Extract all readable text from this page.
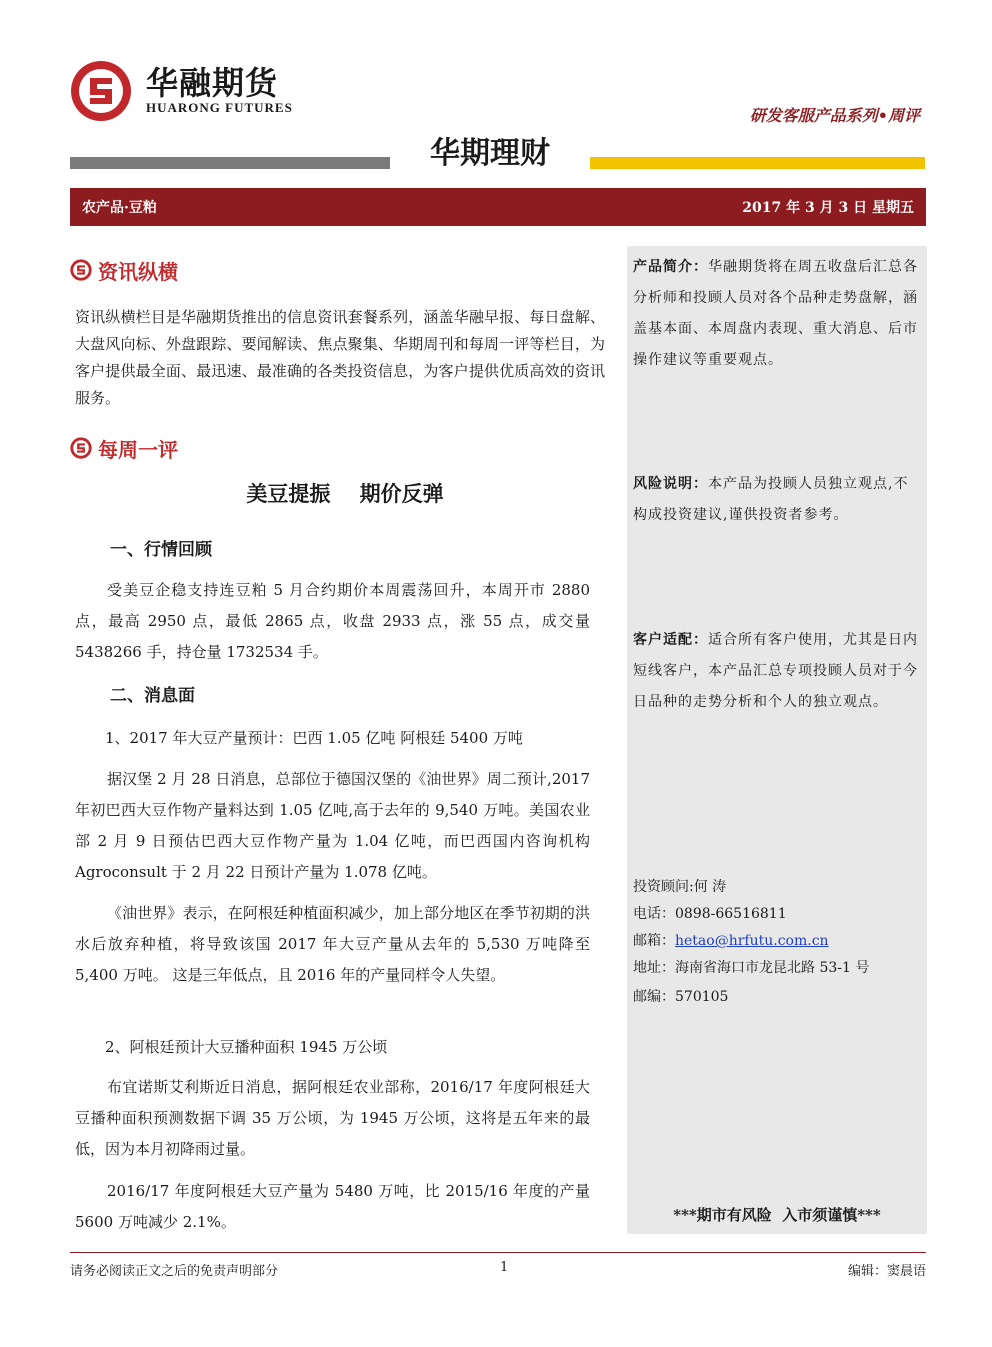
华融期货
HUARONG FUTURES	研发客服产品系列•周评
华期理财
农产品·豆粕	2017 年 3 月 3 日 星期五
资讯纵横
资讯纵横栏目是华融期货推出的信息资讯套餐系列，涵盖华融早报、每日盘解、大盘风向标、外盘跟踪、要闻解读、焦点聚集、华期周刊和每周一评等栏目，为客户提供最全面、最迅速、最准确的各类投资信息，为客户提供优质高效的资讯服务。
每周一评
美豆提振    期价反弹
一、行情回顾
受美豆企稳支持连豆粕 5 月合约期价本周震荡回升，本周开市 2880 点，最高 2950 点，最低 2865 点，收盘 2933 点，涨 55 点，成交量 5438266 手，持仓量 1732534 手。
二、消息面
1、2017 年大豆产量预计：巴西 1.05 亿吨 阿根廷 5400 万吨
据汉堡 2 月 28 日消息，总部位于德国汉堡的《油世界》周二预计,2017 年初巴西大豆作物产量料达到 1.05 亿吨,高于去年的 9,540 万吨。美国农业部 2 月 9 日预估巴西大豆作物产量为 1.04 亿吨，而巴西国内咨询机构 Agroconsult 于 2 月 22 日预计产量为 1.078 亿吨。
《油世界》表示，在阿根廷种植面积减少，加上部分地区在季节初期的洪水后放弃种植，将导致该国 2017 年大豆产量从去年的 5,530 万吨降至 5,400 万吨。 这是三年低点，且 2016 年的产量同样令人失望。
2、阿根廷预计大豆播种面积 1945 万公顷
布宜诺斯艾利斯近日消息，据阿根廷农业部称，2016/17 年度阿根廷大豆播种面积预测数据下调 35 万公顷，为 1945 万公顷，这将是五年来的最低，因为本月初降雨过量。
2016/17 年度阿根廷大豆产量为 5480 万吨，比 2015/16 年度的产量 5600 万吨减少 2.1%。
产品简介：华融期货将在周五收盘后汇总各分析师和投顾人员对各个品种走势盘解，涵盖基本面、本周盘内表现、重大消息、后市操作建议等重要观点。
风险说明：本产品为投顾人员独立观点,不构成投资建议,谨供投资者参考。
客户适配：适合所有客户使用，尤其是日内短线客户，本产品汇总专项投顾人员对于今日品种的走势分析和个人的独立观点。
投资顾问:何 涛
电话：0898-66516811
邮箱：hetao@hrfutu.com.cn
地址：海南省海口市龙昆北路 53-1 号
邮编：570105
***期市有风险  入市须谨慎***
请务必阅读正文之后的免责声明部分	1	编辑：窦晨语
